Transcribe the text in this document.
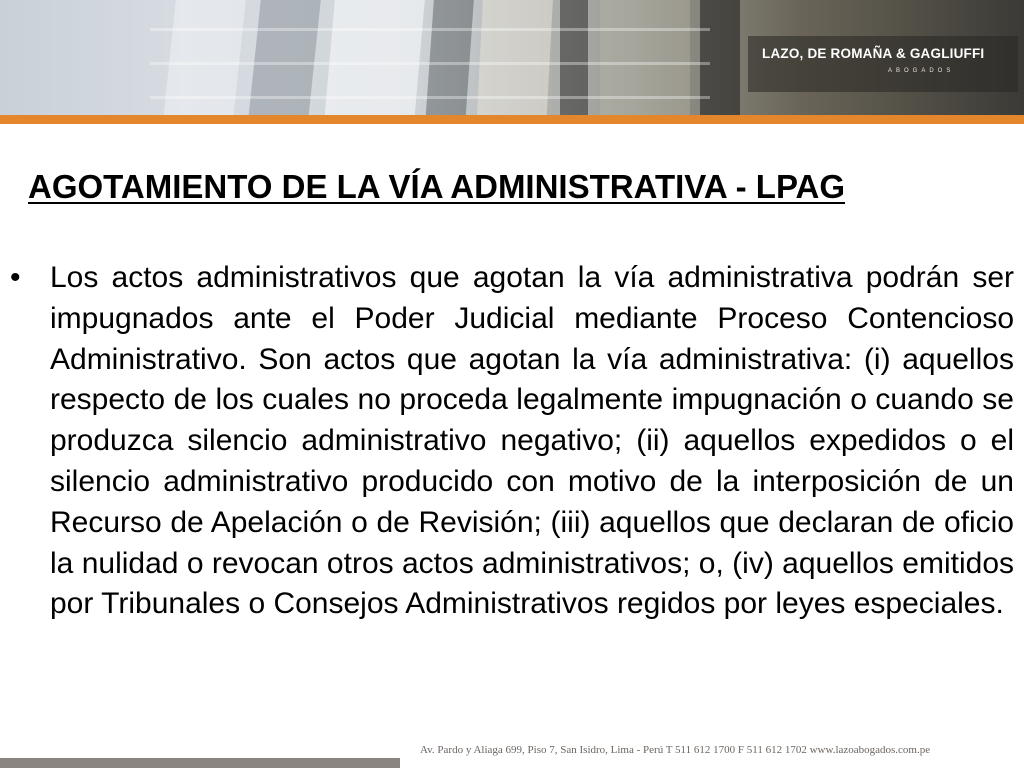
LAZO, DE ROMAÑA & GAGLIUFFI
ABOGADOS
AGOTAMIENTO DE LA VÍA ADMINISTRATIVA - LPAG
• Los actos administrativos que agotan la vía administrativa podrán ser impugnados ante el Poder Judicial mediante Proceso Contencioso Administrativo. Son actos que agotan la vía administrativa: (i) aquellos respecto de los cuales no proceda legalmente impugnación o cuando se produzca silencio administrativo negativo; (ii) aquellos expedidos o el silencio administrativo producido con motivo de la interposición de un Recurso de Apelación o de Revisión; (iii) aquellos que declaran de oficio la nulidad o revocan otros actos administrativos; o, (iv) aquellos emitidos por Tribunales o Consejos Administrativos regidos por leyes especiales.
Av. Pardo y Aliaga 699, Piso 7, San Isidro, Lima - Perú T 511 612 1700 F 511 612 1702 www.lazoabogados.com.pe
